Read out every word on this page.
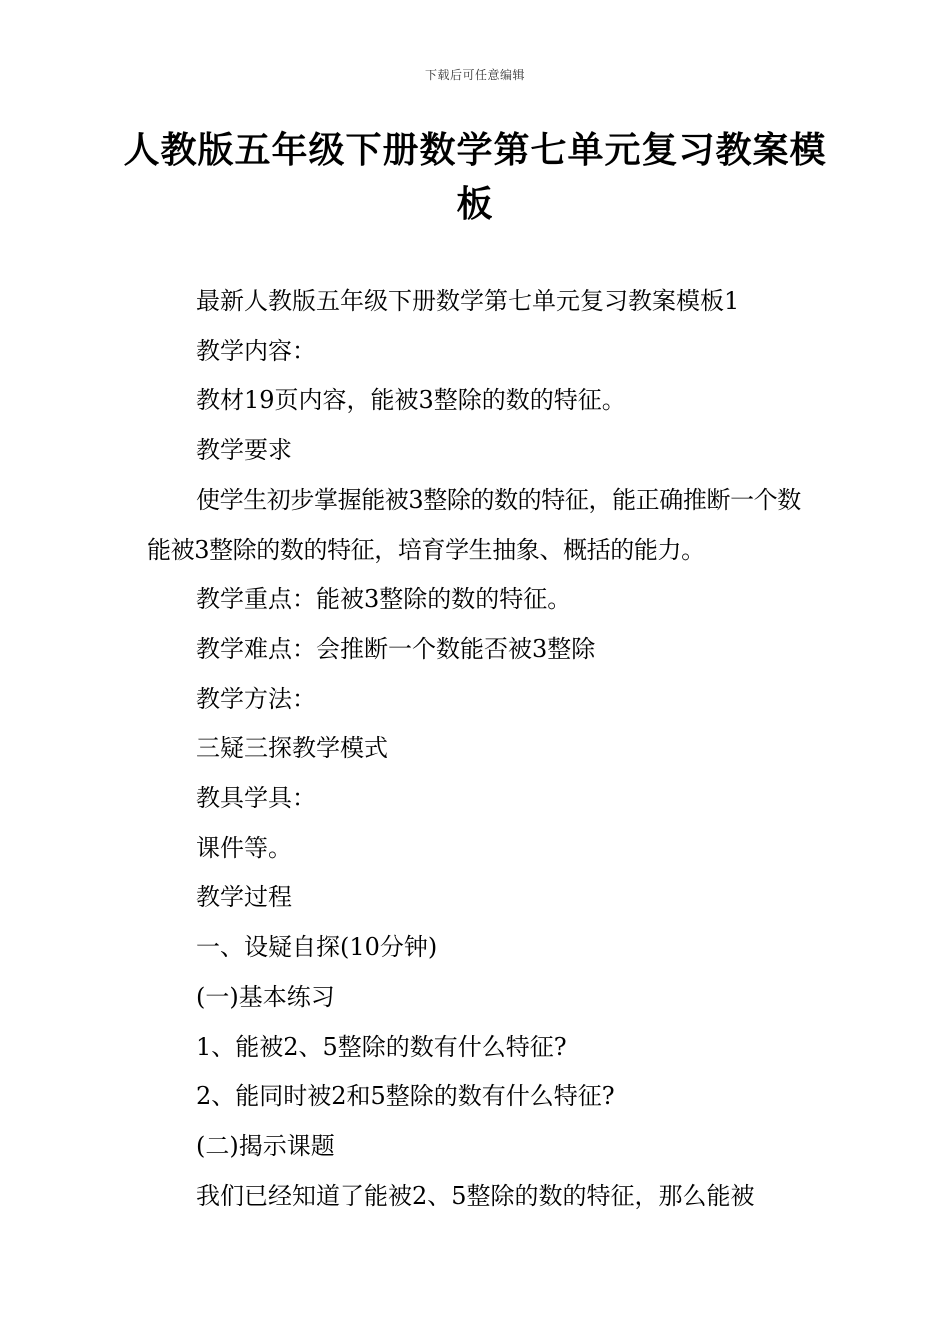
下载后可任意编辑
人教版五年级下册数学第七单元复习教案模板

最新人教版五年级下册数学第七单元复习教案模板1

教学内容：

教材19页内容，能被3整除的数的特征。

教学要求

使学生初步掌握能被3整除的数的特征，能正确推断一个数能被3整除的数的特征，培育学生抽象、概括的能力。

教学重点：能被3整除的数的特征。

教学难点：会推断一个数能否被3整除

教学方法：

三疑三探教学模式

教具学具：

课件等。

教学过程

一、设疑自探(10分钟)

(一)基本练习

1、能被2、5整除的数有什么特征?

2、能同时被2和5整除的数有什么特征?

(二)揭示课题

我们已经知道了能被2、5整除的数的特征，那么能被
